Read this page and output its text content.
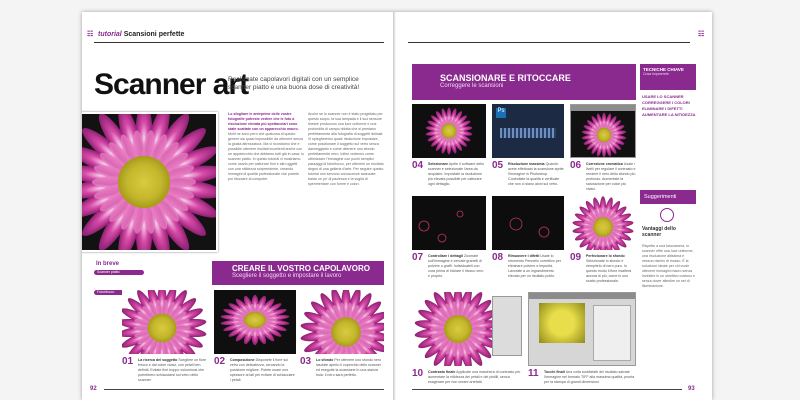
tutorial Scansioni perfette
☷
Scanner art
Realizzate capolavori digitali con un semplice scanner piatto e una buona dose di creatività!
Lo sfogliare le anteprime delle vostre fotografie potreste vedere che le foto a risoluzione elevata più spettacolari sono state scattate con un apparecchio macro. Molti ne sono però che qualcosa di questo genere sia quasi impossibile da ottenere senza la giusta attrezzatura. Ma vi ricordiamo che è possibile ottenere risultati eccellenti anche con un apparecchio che abbiamo tutti già in casa: lo scanner piatto. In questo tutorial vi mostriamo come usarlo per catturare fiori e altri oggetti con una nitidezza sorprendente, creando immagini di qualità professionale che potrete poi ritoccare al computer.
Anche se lo scanner non è stato progettato per questo scopo, la sua lampada e il suo sensore lineare producono una luce uniforme e una profondità di campo ridotta che si prestano perfettamente alla fotografia di soggetti delicati. Vi spiegheremo quale risoluzione impostare, come posizionare il soggetto sul vetro senza danneggiarlo e come ottenere uno sfondo perfettamente nero. Infine vedremo come ottimizzare l'immagine con pochi semplici passaggi di fotoritocco, per ottenere un risultato degno di una galleria d'arte. Per seguire questo tutorial non servono conoscenze avanzate: basta un po' di pazienza e la voglia di sperimentare con forme e colori.
In breve
Scanner piatto
Fotoritocco
CREARE IL VOSTRO CAPOLAVORO
Scegliere il soggetto e impostare il lavoro
01 La ricerca del soggetto Scegliete un fiore fresco e dai colori vivaci, con petali ben definiti. Evitate fiori troppo voluminosi che potrebbero schiacciarsi sul vetro dello scanner.
02 Composizione Disponete il fiore sul vetro con delicatezza, cercando la posizione migliore. Potete usare uno spessore ai lati per evitare di schiacciare i petali.
03 Lo sfondo Per ottenere uno sfondo nero lasciate aperto il coperchio dello scanner ed eseguite la scansione in una stanza buia: il nero sarà perfetto.
92
☷
SCANSIONARE E RITOCCARE
Correggere le scansioni
TECNICHE CHIAVE
Cosa imparerete
USARE LO SCANNER
CORREGGERE I COLORI
ELIMINARE I DIFETTI
AUMENTARE LA NITIDEZZA
Suggerimenti
Vantaggi dello scanner
Rispetto a una fotocamera, lo scanner offre una luce uniforme, una risoluzione altissima e nessun rischio di mosso. È la soluzione ideale per chi vuole ottenere immagini macro senza investire in un obiettivo costoso e senza dover allestire un set di illuminazione.
Ps
04 Selezionare Aprite il software dello scanner e selezionate l'area da acquisire. Impostate la risoluzione più elevata possibile per catturare ogni dettaglio.
05 Risoluzione massima Quando avete effettuato la scansione aprite l'immagine in Photoshop. Controllate la qualità e verificate che non ci siano aloni sul vetro.
06 Correzione cromatica Usate i livelli per regolare il contrasto e rendere il nero dello sfondo più profondo. Aumentate la saturazione per colori più vivaci.
07 Controllare i dettagli Zoomate sull'immagine e cercate granelli di polvere o graffi. Individuateli con cura prima di iniziare il ritocco vero e proprio.
08 Rimuovere i difetti Usate lo strumento Pennello correttivo per eliminare polvere e impurità. Lavorate a un ingrandimento elevato per un risultato pulito.
09 Perfezionare lo sfondo Selezionate lo sfondo e riempitelo di nero puro. In questo modo il fiore risalterà ancora di più, come in uno scatto professionale.
10 Contrasto finale Applicate una maschera di contrasto per aumentare la nitidezza dei petali e dei pistilli, senza esagerare per non creare artefatti.
11 Tocchi finali Una volta soddisfatti del risultato salvate l'immagine nel formato TIFF alla massima qualità, pronta per la stampa di grandi dimensioni.
93
